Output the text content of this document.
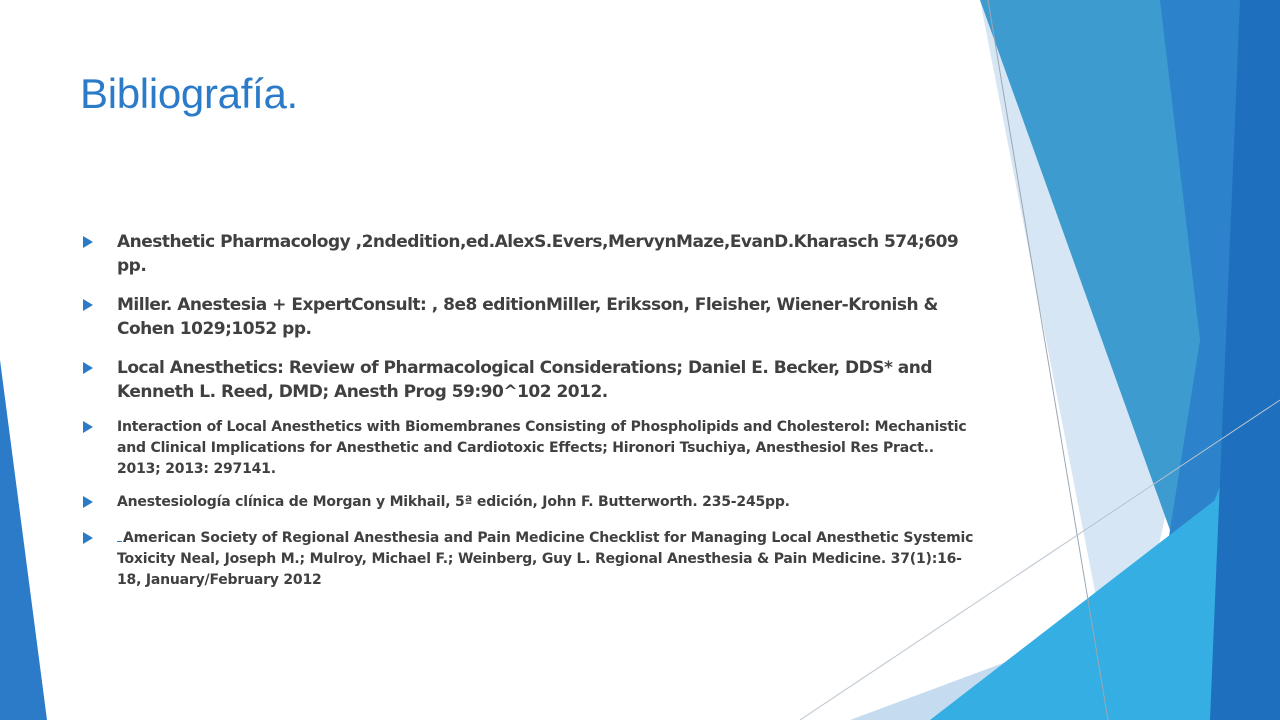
Bibliografía.
Anesthetic Pharmacology ,2ndedition,ed.AlexS.Evers,MervynMaze,EvanD.Kharasch 574;609 pp.
Miller. Anestesia + ExpertConsult: , 8e8 editionMiller, Eriksson, Fleisher, Wiener-Kronish & Cohen 1029;1052 pp.
Local Anesthetics: Review of Pharmacological Considerations; Daniel E. Becker, DDS* and Kenneth L. Reed, DMD; Anesth Prog 59:90^102 2012.
Interaction of Local Anesthetics with Biomembranes Consisting of Phospholipids and Cholesterol: Mechanistic and Clinical Implications for Anesthetic and Cardiotoxic Effects; Hironori Tsuchiya, Anesthesiol Res Pract.. 2013; 2013: 297141.
Anestesiología clínica de Morgan y Mikhail, 5ª edición, John F. Butterworth. 235-245pp.
American Society of Regional Anesthesia and Pain Medicine Checklist for Managing Local Anesthetic Systemic Toxicity Neal, Joseph M.; Mulroy, Michael F.; Weinberg, Guy L. Regional Anesthesia & Pain Medicine. 37(1):16-18, January/February 2012
